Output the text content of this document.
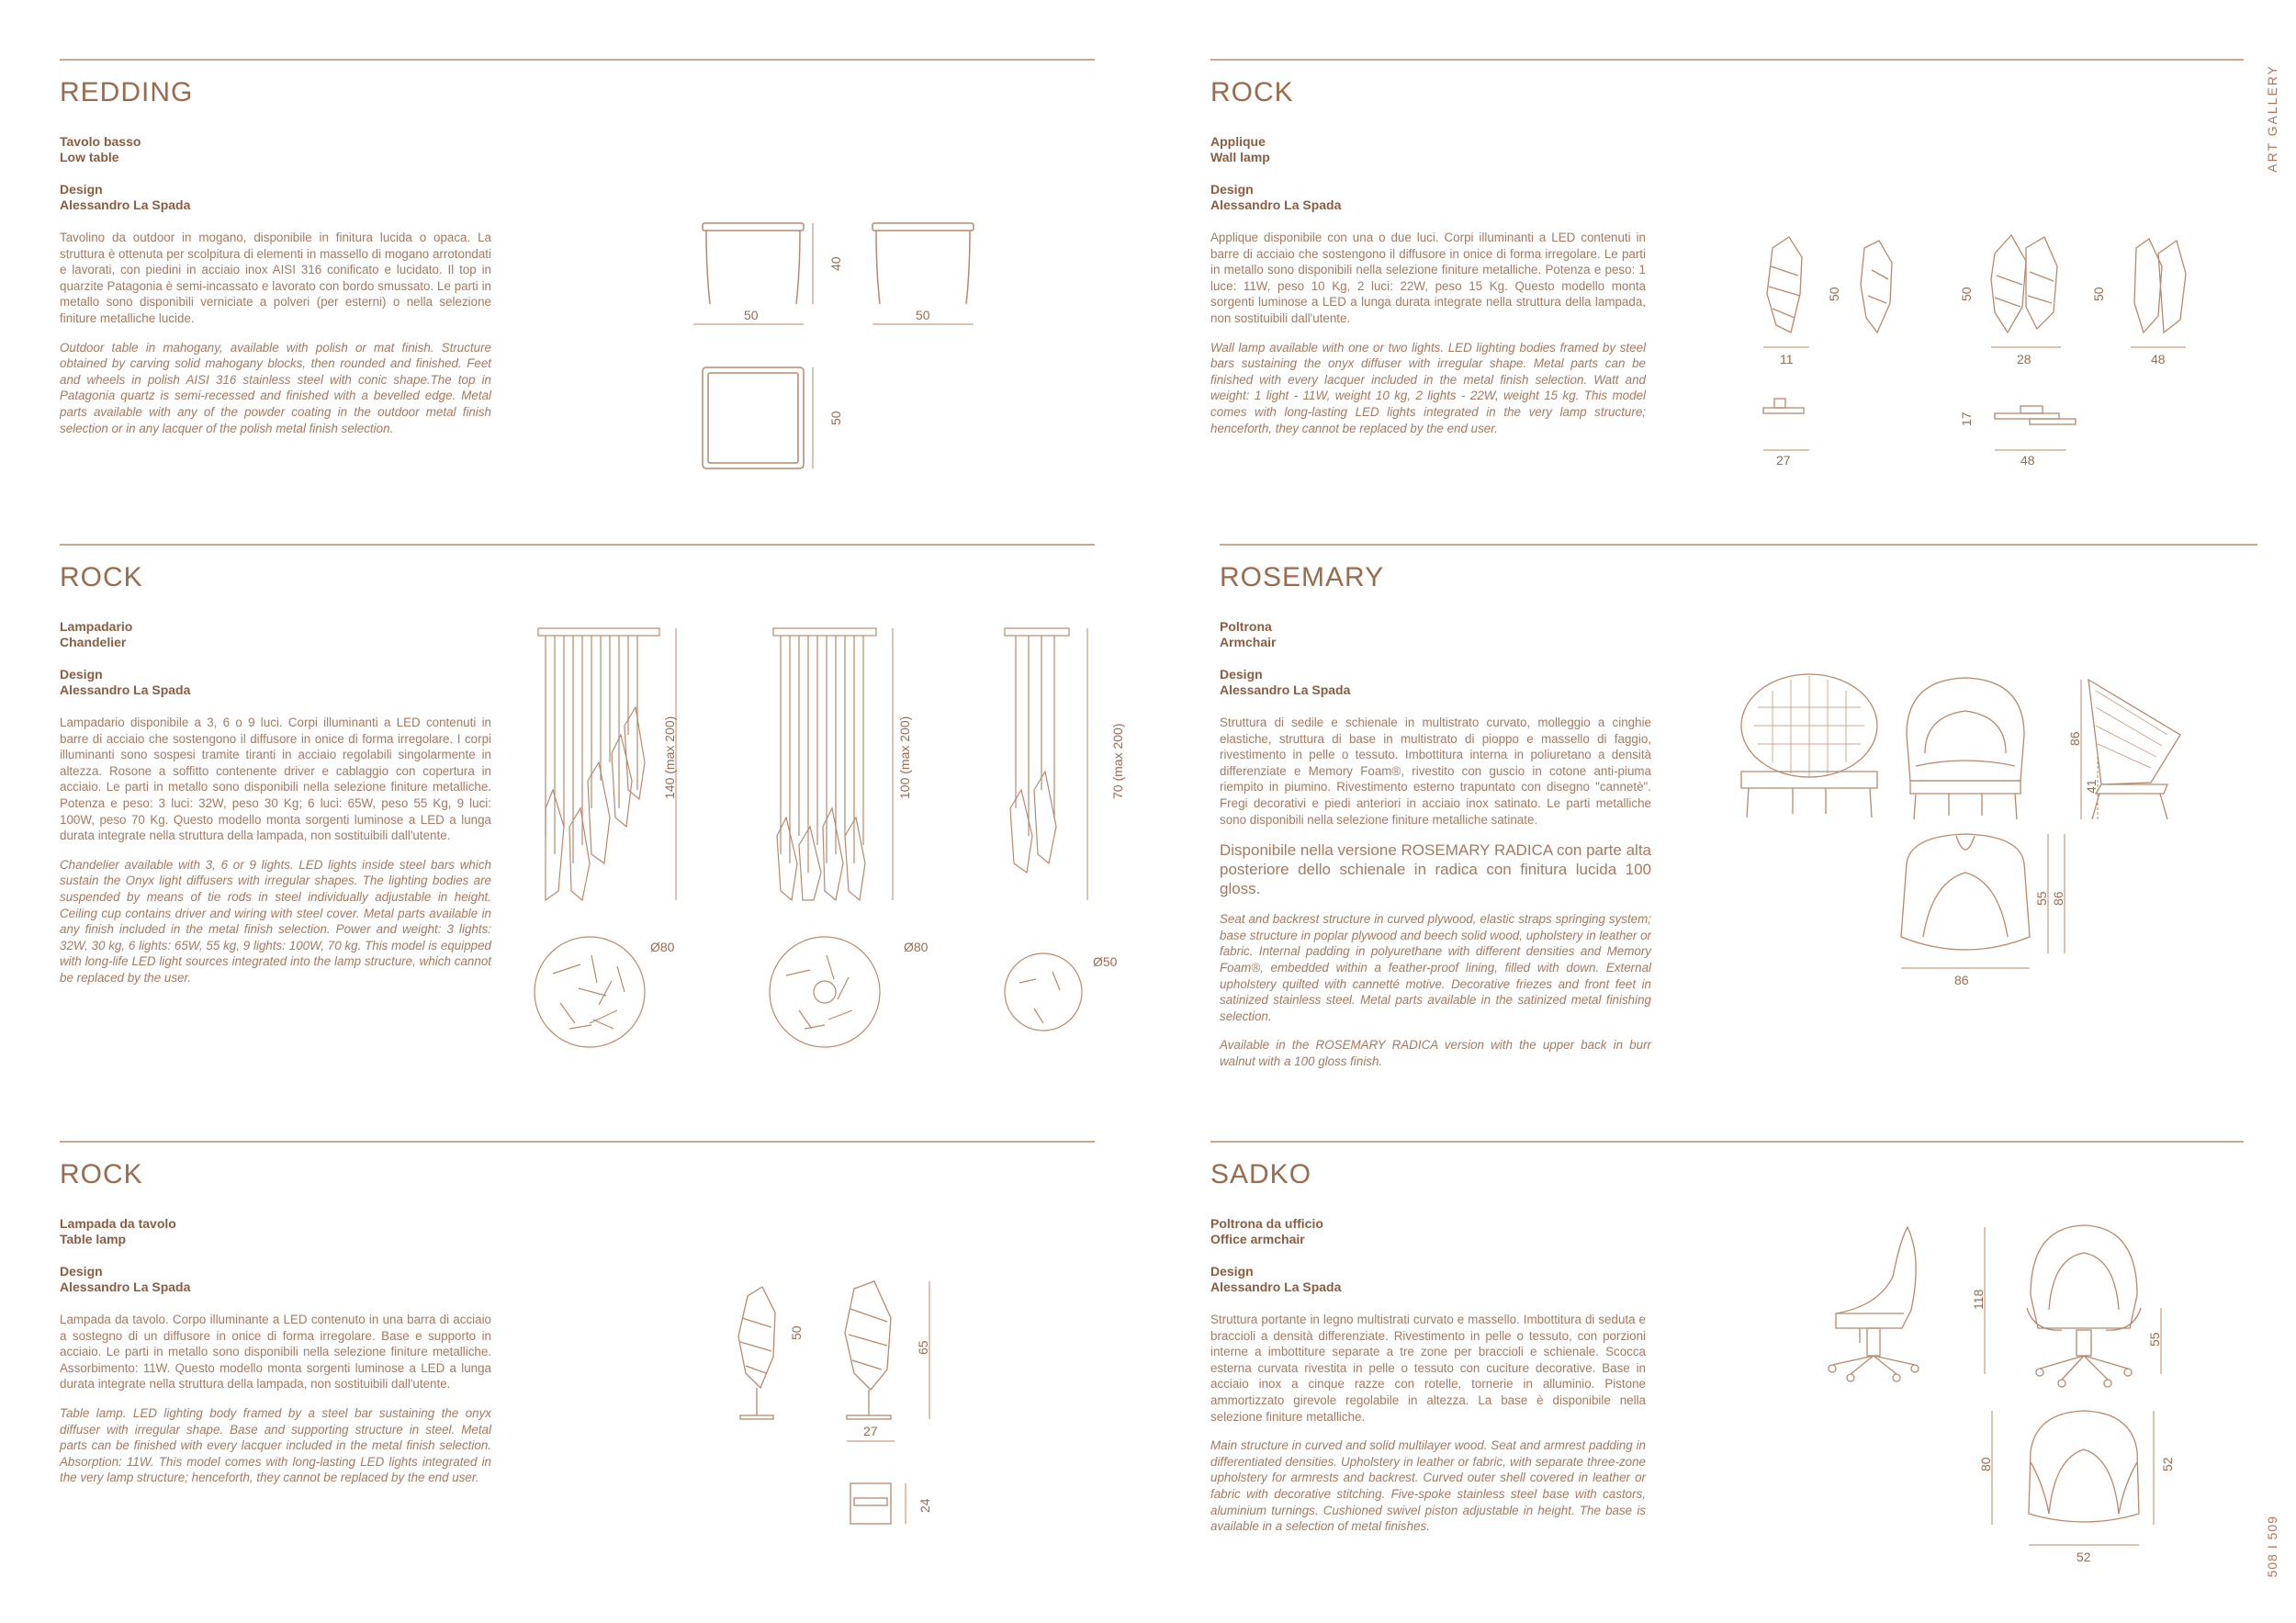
ART GALLERY
508 I 509
REDDING
Tavolo basso
Low table
Design
Alessandro La Spada

Tavolino da outdoor in mogano, disponibile in finitura lucida o opaca. La struttura è ottenuta per scolpitura di elementi in massello di mogano arrotondati e lavorati, con piedini in acciaio inox AISI 316 conificato e lucidato. Il top in quarzite Patagonia è semi-incassato e lavorato con bordo smussato. Le parti in metallo sono disponibili verniciate a polveri (per esterni) o nella selezione finiture metalliche lucide.

Outdoor table in mahogany, available with polish or mat finish. Structure obtained by carving solid mahogany blocks, then rounded and finished. Feet and wheels in polish AISI 316 stainless steel with conic shape.The top in Patagonia quartz is semi-recessed and finished with a bevelled edge. Metal parts available with any of the powder coating in the outdoor metal finish selection or in any lacquer of the polish metal finish selection.

50
40
50
50
ROCK
Applique
Wall lamp
Design
Alessandro La Spada

Applique disponibile con una o due luci. Corpi illuminanti a LED contenuti in barre di acciaio che sostengono il diffusore in onice di forma irregolare. Le parti in metallo sono disponibili nella selezione finiture metalliche. Potenza e peso: 1 luce: 11W, peso 10 Kg, 2 luci: 22W, peso 15 Kg. Questo modello monta sorgenti luminose a LED a lunga durata integrate nella struttura della lampada, non sostituibili dall'utente.

Wall lamp available with one or two lights. LED lighting bodies framed by steel bars sustaining the onyx diffuser with irregular shape. Metal parts can be finished with every lacquer included in the metal finish selection. Watt and weight: 1 light - 11W, weight 10 kg, 2 lights - 22W, weight 15 kg. This model comes with long-lasting LED lights integrated in the very lamp structure; henceforth, they cannot be replaced by the end user.

11
50	50
28
50
48
27
17
48
ROCK
Lampadario
Chandelier
Design
Alessandro La Spada

Lampadario disponibile a 3, 6 o 9 luci. Corpi illuminanti a LED contenuti in barre di acciaio che sostengono il diffusore in onice di forma irregolare. I corpi illuminanti sono sospesi tramite tiranti in acciaio regolabili singolarmente in altezza. Rosone a soffitto contenente driver e cablaggio con copertura in acciaio. Le parti in metallo sono disponibili nella selezione finiture metalliche. Potenza e peso: 3 luci: 32W, peso 30 Kg; 6 luci: 65W, peso 55 Kg, 9 luci: 100W, peso 70 Kg. Questo modello monta sorgenti luminose a LED a lunga durata integrate nella struttura della lampada, non sostituibili dall'utente.

Chandelier available with 3, 6 or 9 lights. LED lights inside steel bars which sustain the Onyx light diffusers with irregular shapes. The lighting bodies are suspended by means of tie rods in steel individually adjustable in height. Ceiling cup contains driver and wiring with steel cover. Metal parts available in any finish included in the metal finish selection. Power and weight: 3 lights: 32W, 30 kg, 6 lights: 65W, 55 kg, 9 lights: 100W, 70 kg. This model is equipped with long-life LED light sources integrated into the lamp structure, which cannot be replaced by the user.

140 (max 200)
Ø80
100 (max 200)
Ø80
70 (max 200)
Ø50
ROSEMARY
Poltrona
Armchair
Design
Alessandro La Spada

Struttura di sedile e schienale in multistrato curvato, molleggio a cinghie elastiche, struttura di base in multistrato di pioppo e massello di faggio, rivestimento in pelle o tessuto. Imbottitura interna in poliuretano a densità differenziate e Memory Foam®, rivestito con guscio in cotone anti-piuma riempito in piumino. Rivestimento esterno trapuntato con disegno "cannetè". Fregi decorativi e piedi anteriori in acciaio inox satinato. Le parti metalliche sono disponibili nella selezione finiture metalliche satinate.

Disponibile nella versione ROSEMARY RADICA con parte alta posteriore dello schienale in radica con finitura lucida 100 gloss.

Seat and backrest structure in curved plywood, elastic straps springing system; base structure in poplar plywood and beech solid wood, upholstery in leather or fabric. Internal padding in polyurethane with different densities and Memory Foam®, embedded within a feather-proof lining, filled with down. External upholstery quilted with cannetté motive. Decorative friezes and front feet in satinized stainless steel. Metal parts available in the satinized metal finishing selection.

Available in the ROSEMARY RADICA version with the upper back in burr walnut with a 100 gloss finish.

86
41
86
55 86
ROCK
Lampada da tavolo
Table lamp
Design
Alessandro La Spada

Lampada da tavolo. Corpo illuminante a LED contenuto in una barra di acciaio a sostegno di un diffusore in onice di forma irregolare. Base e supporto in acciaio. Le parti in metallo sono disponibili nella selezione finiture metalliche. Assorbimento: 11W. Questo modello monta sorgenti luminose a LED a lunga durata integrate nella struttura della lampada, non sostituibili dall'utente.

Table lamp. LED lighting body framed by a steel bar sustaining the onyx diffuser with irregular shape. Base and supporting structure in steel. Metal parts can be finished with every lacquer included in the metal finish selection. Absorption: 11W. This model comes with long-lasting LED lights integrated in the very lamp structure; henceforth, they cannot be replaced by the end user.

50
65
27
24
SADKO
Poltrona da ufficio
Office armchair
Design
Alessandro La Spada

Struttura portante in legno multistrati curvato e massello. Imbottitura di seduta e braccioli a densità differenziate. Rivestimento in pelle o tessuto, con porzioni interne a imbottiture separate a tre zone per braccioli e schienale. Scocca esterna curvata rivestita in pelle o tessuto con cuciture decorative. Base in acciaio inox a cinque razze con rotelle, tornerie in alluminio. Pistone ammortizzato girevole regolabile in altezza. La base è disponibile nella selezione finiture metalliche.

Main structure in curved and solid multilayer wood. Seat and armrest padding in differentiated densities. Upholstery in leather or fabric, with separate three-zone upholstery for armrests and backrest. Curved outer shell covered in leather or fabric with decorative stitching. Five-spoke stainless steel base with castors, aluminium turnings. Cushioned swivel piston adjustable in height. The base is available in a selection of metal finishes.

118
55
80	52
52
